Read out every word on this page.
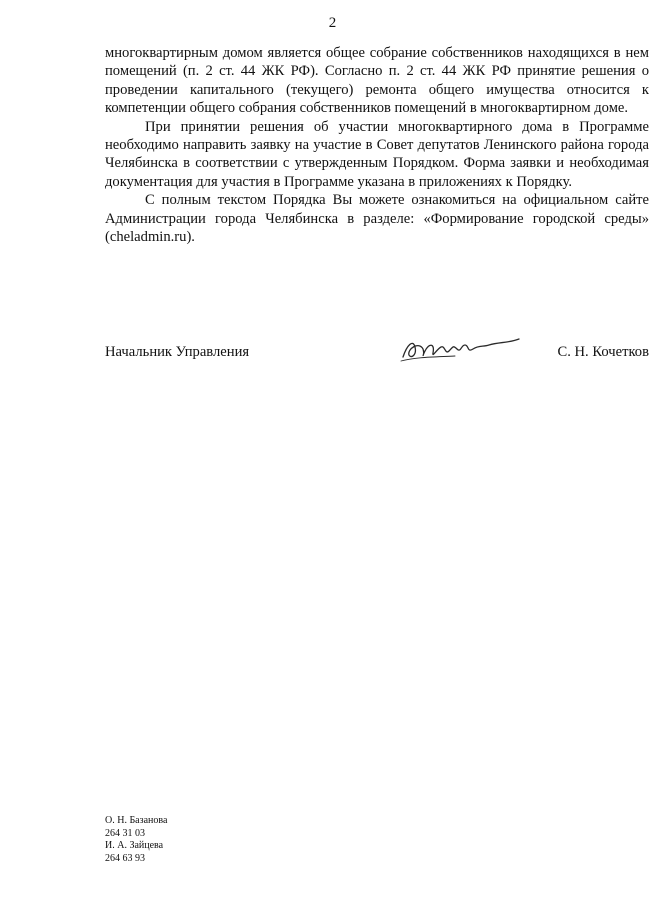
2

многоквартирным домом является общее собрание собственников находящихся в нем помещений (п. 2 ст. 44 ЖК РФ). Согласно п. 2 ст. 44 ЖК РФ принятие решения о проведении капитального (текущего) ремонта общего имущества относится к компетенции общего собрания собственников помещений в многоквартирном доме.

При принятии решения об участии многоквартирного дома в Программе необходимо направить заявку на участие в Совет депутатов Ленинского района города Челябинска в соответствии с утвержденным Порядком. Форма заявки и необходимая документация для участия в Программе указана в приложениях к Порядку.

С полным текстом Порядка Вы можете ознакомиться на официальном сайте Администрации города Челябинска в разделе: «Формирование городской среды» (cheladmin.ru).

Начальник Управления	С. Н. Кочетков
О. Н. Базанова
264 31 03
И. А. Зайцева
264 63 93
